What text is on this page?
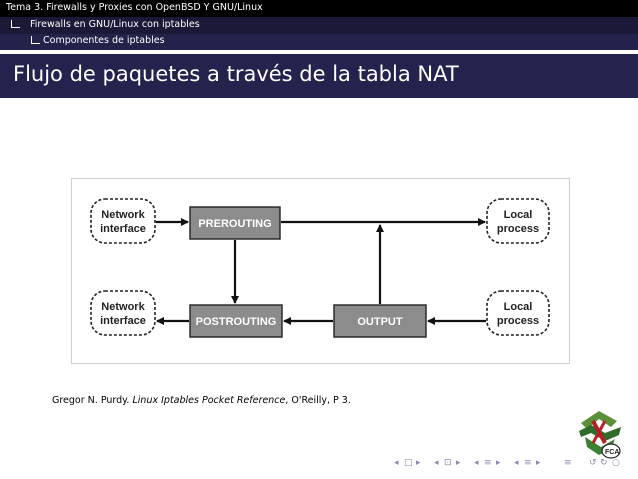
Tema 3. Firewalls y Proxies con OpenBSD Y GNU/Linux
Firewalls en GNU/Linux con iptables
Componentes de iptables
Flujo de paquetes a través de la tabla NAT
Network
interface	PREROUTING
Local
process
Network
interface	POSTROUTING	OUTPUT
Local
process
Gregor N. Purdy. Linux Iptables Pocket Reference, O'Reilly, P 3.
FCA
◂ □ ▸ ◂ ⊡ ▸ ◂ ≡ ▸ ◂ ≡ ▸	≡ ↺ ↻ ○
